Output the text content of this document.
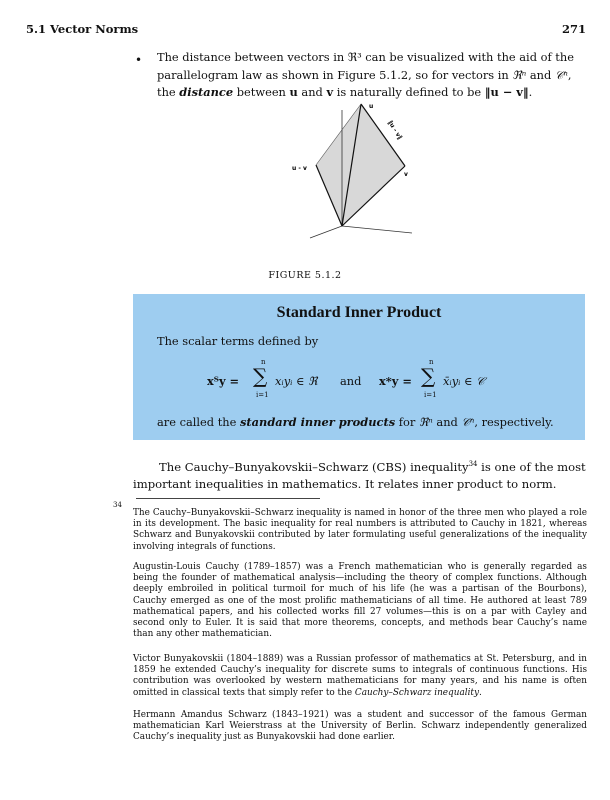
5.1 Vector Norms	271
• The distance between vectors in ℜ³ can be visualized with the aid of the
parallelogram law as shown in Figure 5.1.2, so for vectors in ℜⁿ and 𝒞ⁿ,
the distance between u and v is naturally defined to be ‖u − v‖.
u
v
u - v
‖u - v‖
FIGURE 5.1.2
Standard Inner Product
The scalar terms defined by
xᵀy =
n
∑
i=1
xᵢyᵢ ∈ ℜ and x*y =
n
∑
i=1
x̄ᵢyᵢ ∈ 𝒞
are called the standard inner products for ℜⁿ and 𝒞ⁿ, respectively.
The Cauchy–Bunyakovskii–Schwarz (CBS) inequality$^{34}$ is one of the most
important inequalities in mathematics. It relates inner product to norm.
34

The Cauchy–Bunyakovskii–Schwarz inequality is named in honor of the three men who played a role in its development. The basic inequality for real numbers is attributed to Cauchy in 1821, whereas Schwarz and Bunyakovskii contributed by later formulating useful generalizations of the inequality involving integrals of functions.

Augustin-Louis Cauchy (1789–1857) was a French mathematician who is generally regarded as being the founder of mathematical analysis—including the theory of complex functions. Although deeply embroiled in political turmoil for much of his life (he was a partisan of the Bourbons), Cauchy emerged as one of the most prolific mathematicians of all time. He authored at least 789 mathematical papers, and his collected works fill 27 volumes—this is on a par with Cayley and second only to Euler. It is said that more theorems, concepts, and methods bear Cauchy’s name than any other mathematician.

Victor Bunyakovskii (1804–1889) was a Russian professor of mathematics at St. Petersburg, and in 1859 he extended Cauchy’s inequality for discrete sums to integrals of continuous functions. His contribution was overlooked by western mathematicians for many years, and his name is often omitted in classical texts that simply refer to the Cauchy–Schwarz inequality.

Hermann Amandus Schwarz (1843–1921) was a student and successor of the famous German mathematician Karl Weierstrass at the University of Berlin. Schwarz independently generalized Cauchy’s inequality just as Bunyakovskii had done earlier.
